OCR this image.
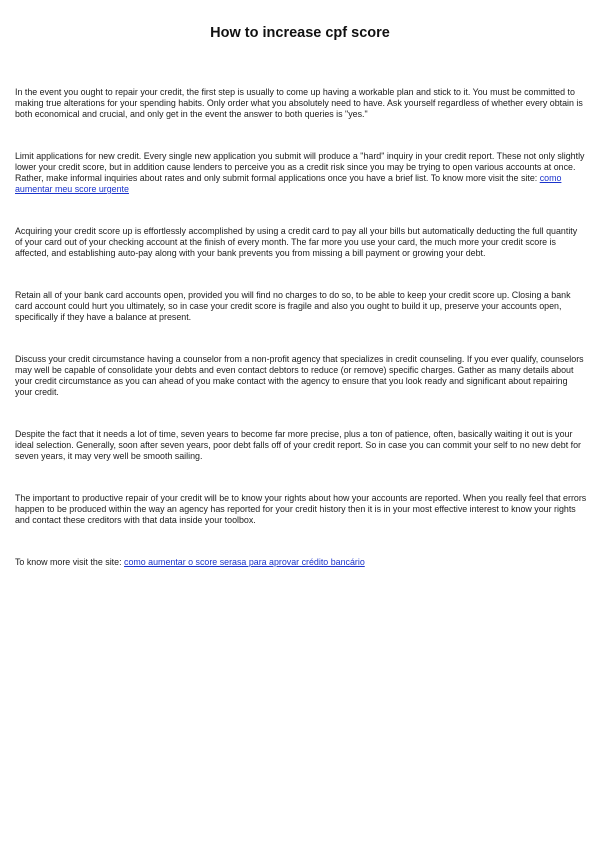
How to increase cpf score

In the event you ought to repair your credit, the first step is usually to come up having a workable plan and stick to it. You must be committed to making true alterations for your spending habits. Only order what you absolutely need to have. Ask yourself regardless of whether every obtain is both economical and crucial, and only get in the event the answer to both queries is "yes."

Limit applications for new credit. Every single new application you submit will produce a "hard" inquiry in your credit report. These not only slightly lower your credit score, but in addition cause lenders to perceive you as a credit risk since you may be trying to open various accounts at once. Rather, make informal inquiries about rates and only submit formal applications once you have a brief list. To know more visit the site: como aumentar meu score urgente

Acquiring your credit score up is effortlessly accomplished by using a credit card to pay all your bills but automatically deducting the full quantity of your card out of your checking account at the finish of every month. The far more you use your card, the much more your credit score is affected, and establishing auto-pay along with your bank prevents you from missing a bill payment or growing your debt.

Retain all of your bank card accounts open, provided you will find no charges to do so, to be able to keep your credit score up. Closing a bank card account could hurt you ultimately, so in case your credit score is fragile and also you ought to build it up, preserve your accounts open, specifically if they have a balance at present.

Discuss your credit circumstance having a counselor from a non-profit agency that specializes in credit counseling. If you ever qualify, counselors may well be capable of consolidate your debts and even contact debtors to reduce (or remove) specific charges. Gather as many details about your credit circumstance as you can ahead of you make contact with the agency to ensure that you look ready and significant about repairing your credit.

Despite the fact that it needs a lot of time, seven years to become far more precise, plus a ton of patience, often, basically waiting it out is your ideal selection. Generally, soon after seven years, poor debt falls off of your credit report. So in case you can commit your self to no new debt for seven years, it may very well be smooth sailing.

The important to productive repair of your credit will be to know your rights about how your accounts are reported. When you really feel that errors happen to be produced within the way an agency has reported for your credit history then it is in your most effective interest to know your rights and contact these creditors with that data inside your toolbox.

To know more visit the site: como aumentar o score serasa para aprovar crédito bancário
